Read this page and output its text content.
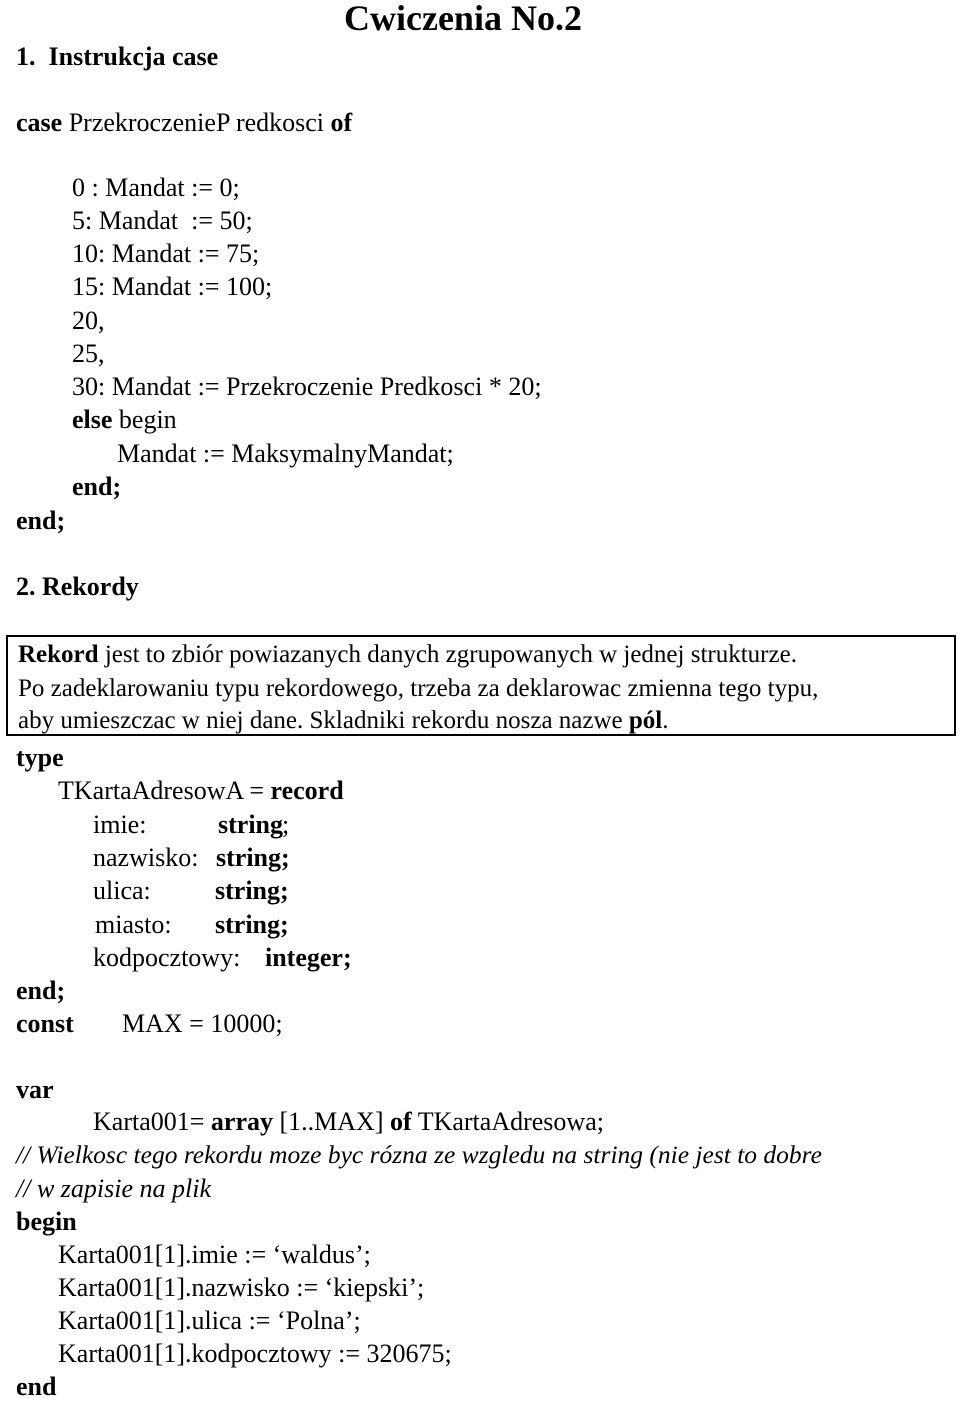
1. Instrukcja case
Cwiczenia No.2
case PrzekroczenieP redkosci of
0 : Mandat := 0;
5: Mandat  := 50;
10: Mandat := 75;
15: Mandat := 100;
20,
25,
30: Mandat := Przekroczenie Predkosci * 20;
else begin
Mandat := MaksymalnyMandat;
end;
end;
2. Rekordy
Rekord jest to zbiór powiazanych danych zgrupowanych w jednej strukturze.
Po zadeklarowaniu typu rekordowego, trzeba za deklarowac zmienna tego typu,
aby umieszczac w niej dane. Skladniki rekordu nosza nazwe pól.
type
TKartaAdresowA = record
imie:	string ;
nazwisko: string;
ulica: string;
miasto: string;
kodpocztowy: integer;
end;
const MAX = 10000;
var
Karta001= array [1..MAX] of TKartaAdresowa;
// Wielkosc tego rekordu moze byc rózna ze wzgledu na string (nie jest to dobre
// w zapisie na plik
begin
Karta001[1].imie := ‘waldus’;
Karta001[1].nazwisko := ‘kiepski’;
Karta001[1].ulica := ‘Polna’;
Karta001[1].kodpocztowy := 320675;
end
